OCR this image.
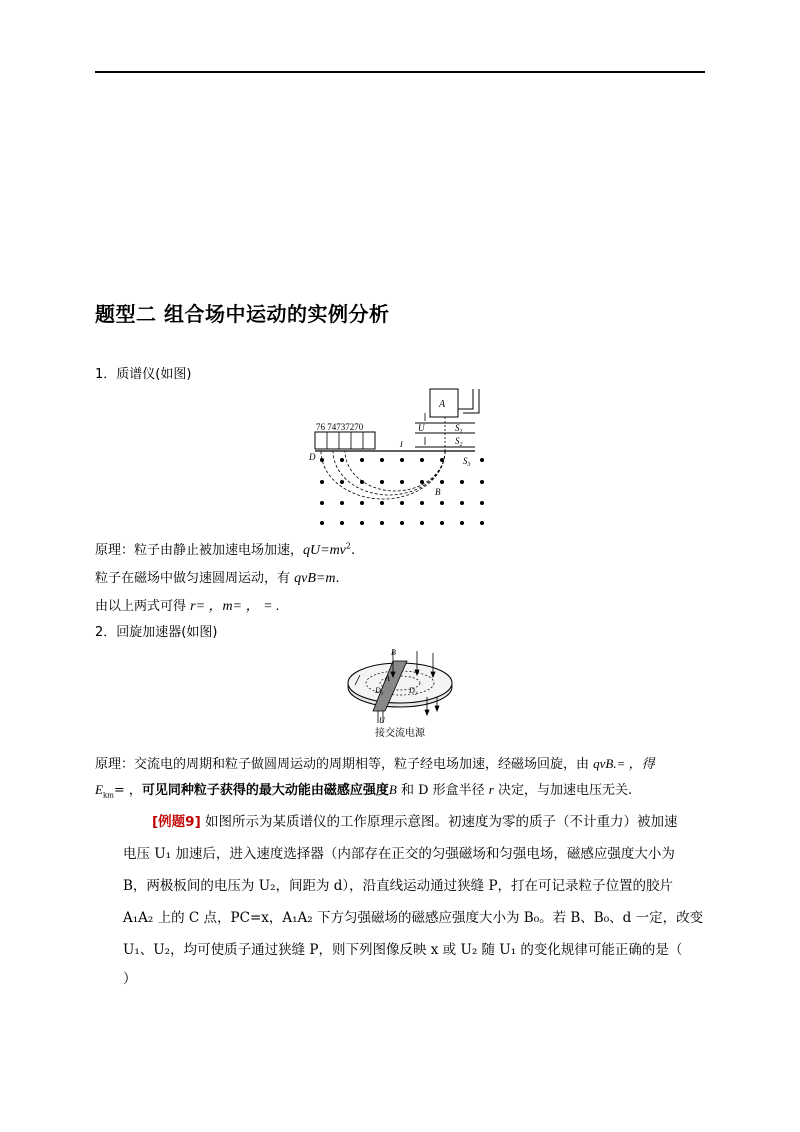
题型二 组合场中运动的实例分析
1．质谱仪(如图)
A
U	$S_1$
$S_2$
76 74737270
I
D	$S_3$
B
原理：粒子由静止被加速电场加速，$qU=mv^2$.
粒子在磁场中做匀速圆周运动，有 qvB=m.
由以上两式可得 r= ，m= ， = .
2．回旋加速器(如图)
B
A
$D_1$	$D_2$
U
接交流电源
原理：交流电的周期和粒子做圆周运动的周期相等，粒子经电场加速，经磁场回旋，由 qvB.= ，得
$E_{km}=$ ，可见同种粒子获得的最大动能由磁感应强度B 和 D 形盒半径 r 决定，与加速电压无关.
[例题9] 如图所示为某质谱仪的工作原理示意图。初速度为零的质子（不计重力）被加速
电压 U₁ 加速后，进入速度选择器（内部存在正交的匀强磁场和匀强电场，磁感应强度大小为
B，两极板间的电压为 U₂，间距为 d），沿直线运动通过狭缝 P，打在可记录粒子位置的胶片
A₁A₂ 上的 C 点，PC=x，A₁A₂ 下方匀强磁场的磁感应强度大小为 B₀。若 B、B₀、d 一定，改变
U₁、U₂，均可使质子通过狭缝 P，则下列图像反映 x 或 U₂ 随 U₁ 的变化规律可能正确的是（
）
